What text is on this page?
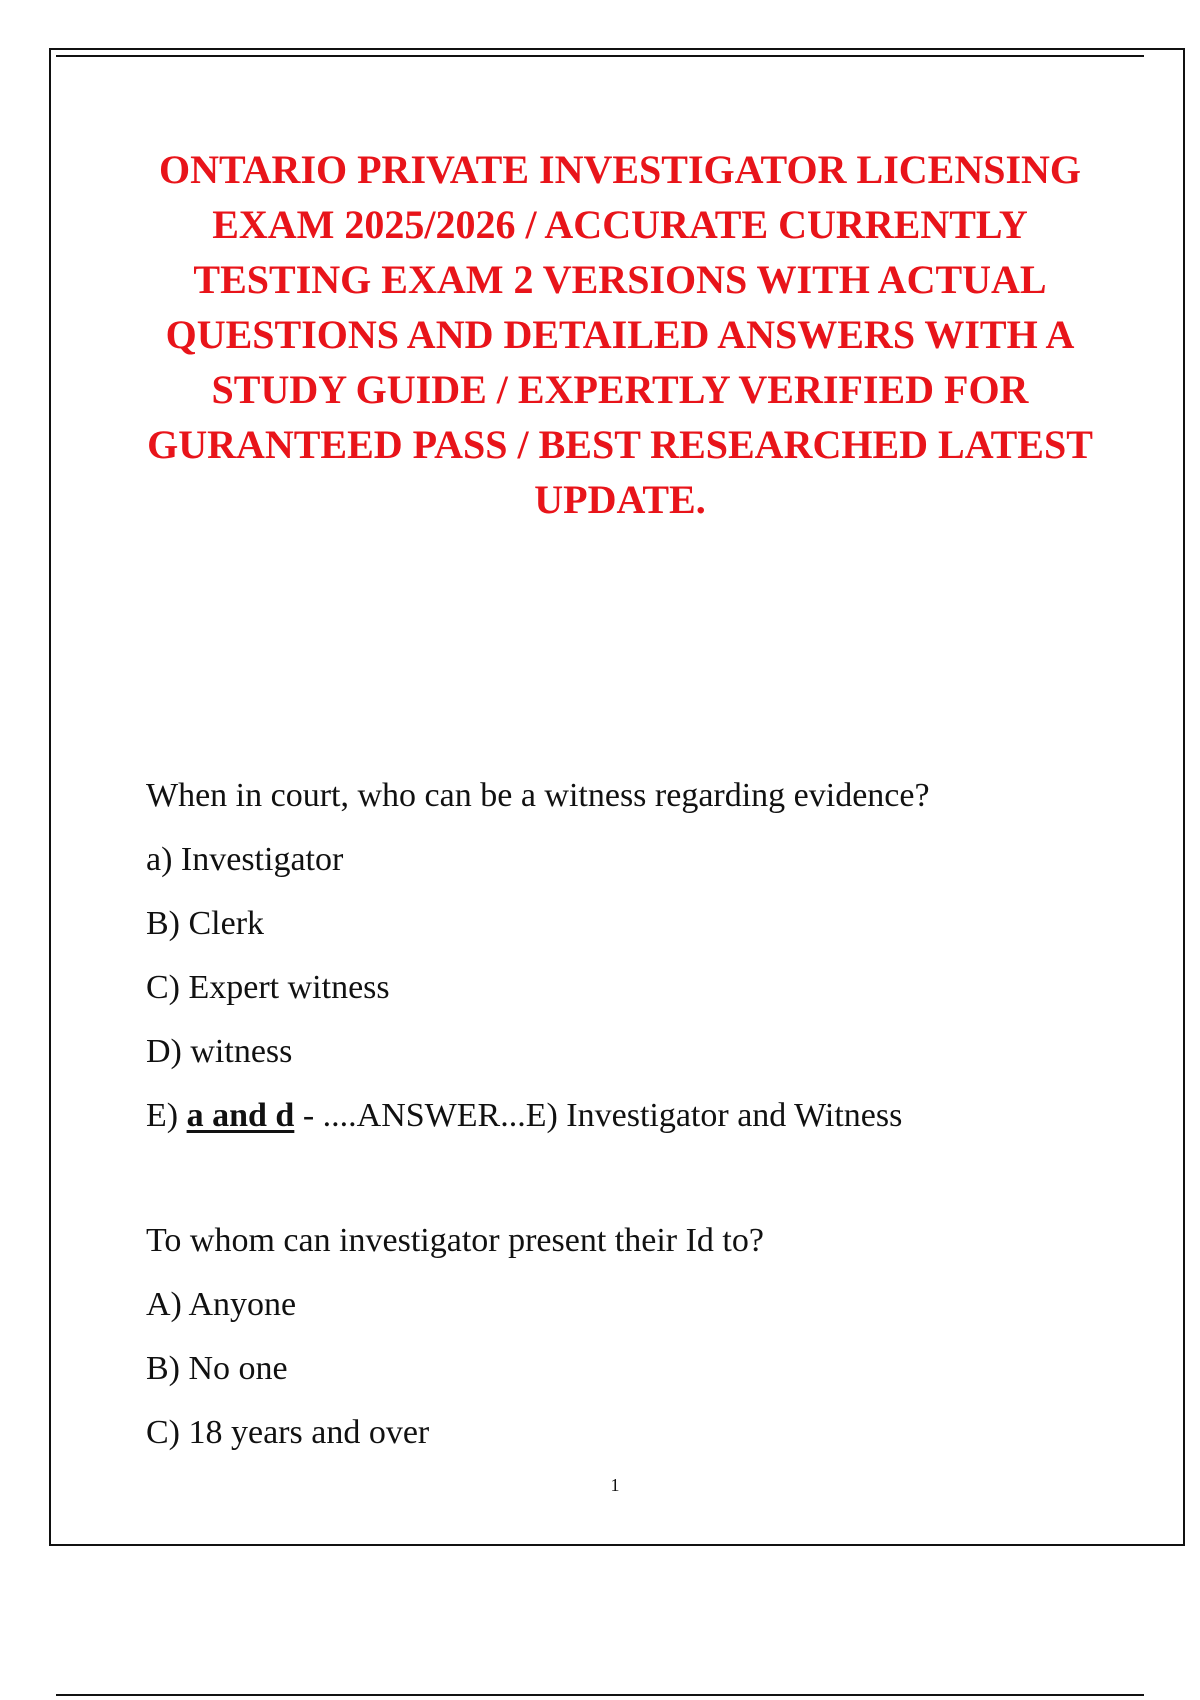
ONTARIO PRIVATE INVESTIGATOR LICENSING EXAM 2025/2026 / ACCURATE CURRENTLY TESTING EXAM 2 VERSIONS WITH ACTUAL QUESTIONS AND DETAILED ANSWERS WITH A STUDY GUIDE / EXPERTLY VERIFIED FOR GURANTEED PASS / BEST RESEARCHED LATEST UPDATE.
When in court, who can be a witness regarding evidence?
a) Investigator
B) Clerk
C) Expert witness
D) witness
E) a and d - ....ANSWER...E) Investigator and Witness
To whom can investigator present their Id to?
A) Anyone
B) No one
C) 18 years and over
1
